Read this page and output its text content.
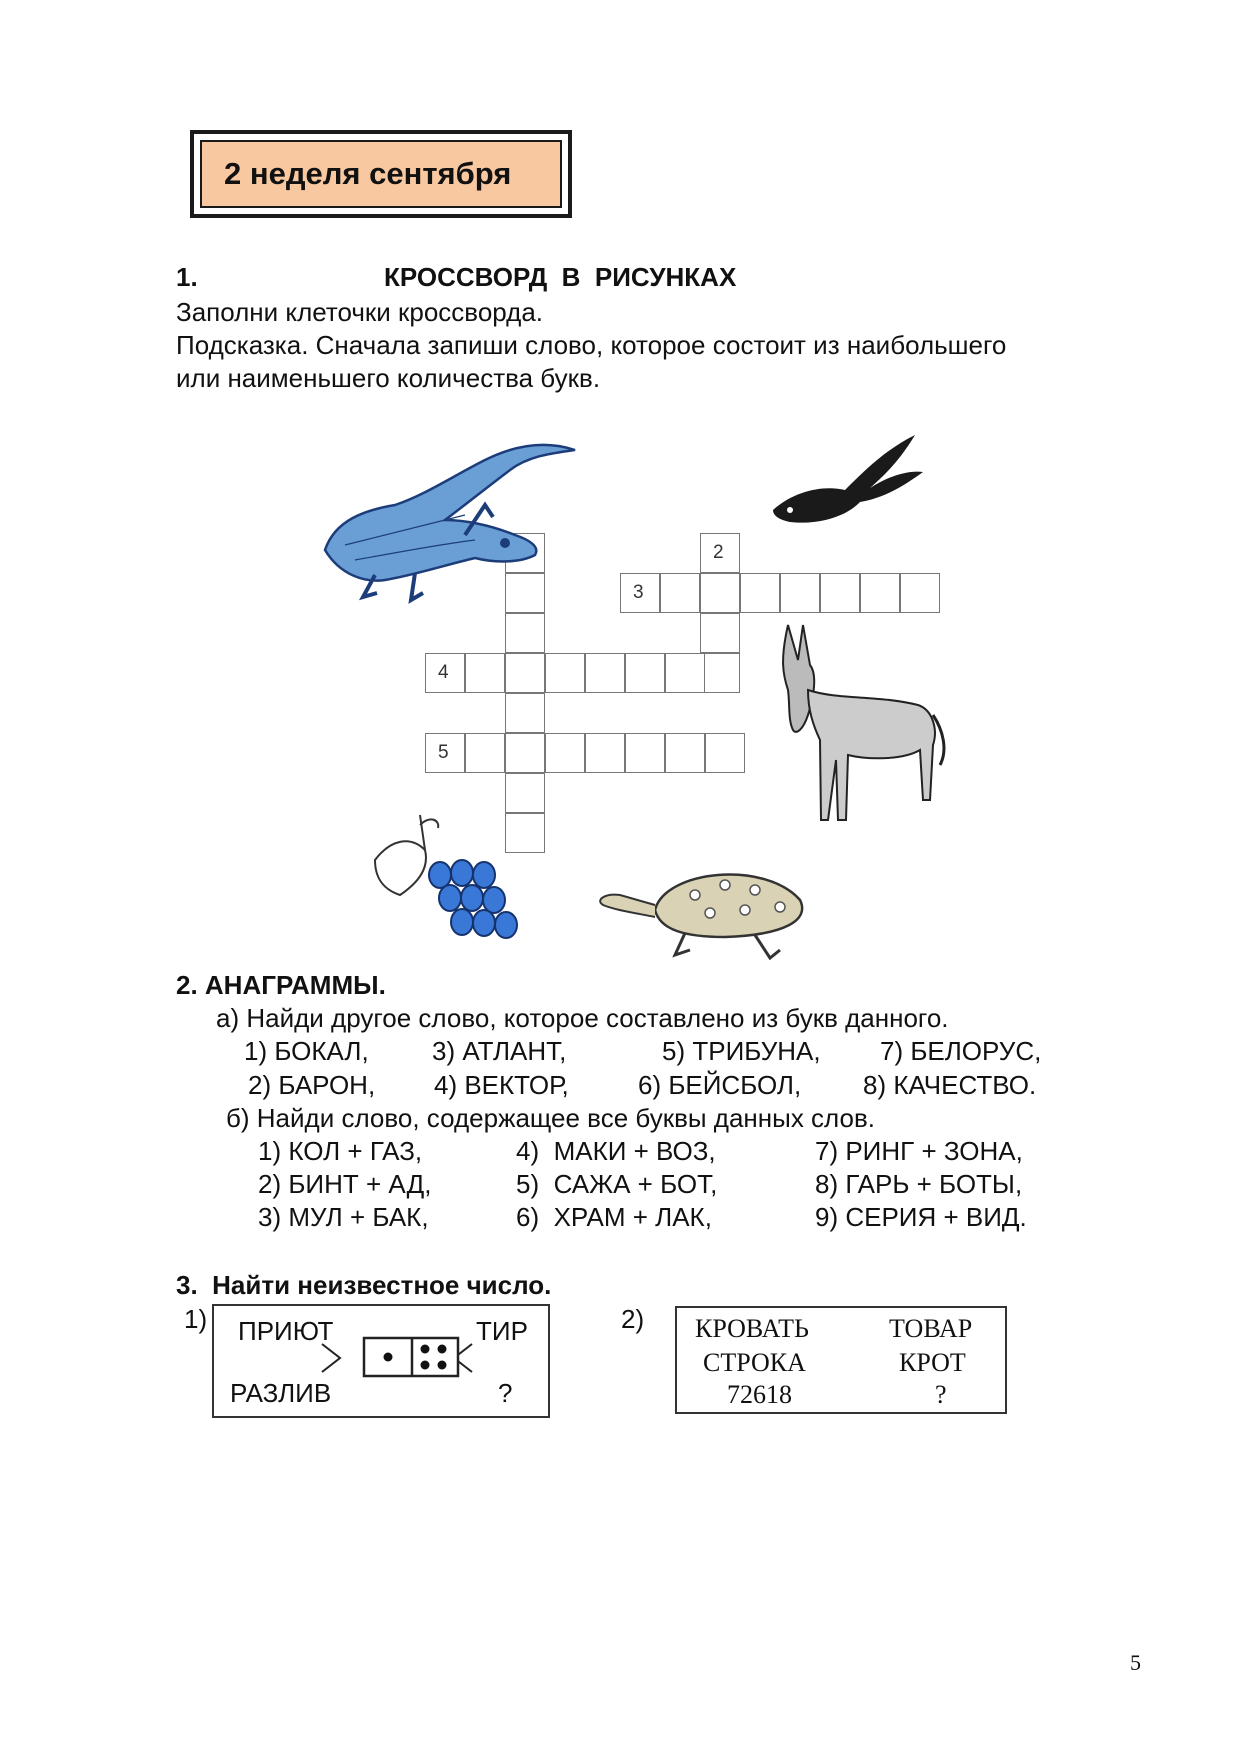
2 неделя сентября
1.	КРОССВОРД  В  РИСУНКАХ
Заполни клеточки кроссворда.
Подсказка. Сначала запиши слово, которое состоит из наибольшего
или наименьшего количества букв.
2
3
4
5
2. АНАГРАММЫ.
а) Найди другое слово, которое составлено из букв данного.
1) БОКАЛ, 3) АТЛАНТ,	5) ТРИБУНА, 7) БЕЛОРУС,
2) БАРОН, 4) ВЕКТОР,	6) БЕЙСБОЛ, 8) КАЧЕСТВО.
б) Найди слово, содержащее все буквы данных слов.
1) КОЛ + ГАЗ,	4)  МАКИ + ВОЗ,	7) РИНГ + ЗОНА,
2) БИНТ + АД,	5)  САЖА + БОТ,	8) ГАРЬ + БОТЫ,
3) МУЛ + БАК,	6)  ХРАМ + ЛАК,	9) СЕРИЯ + ВИД.
3.  Найти неизвестное число.
1) ПРИЮТ	ТИР
РАЗЛИВ	?
2) КРОВАТЬ	ТОВАР
СТРОКА	КРОТ
72618	?
5
